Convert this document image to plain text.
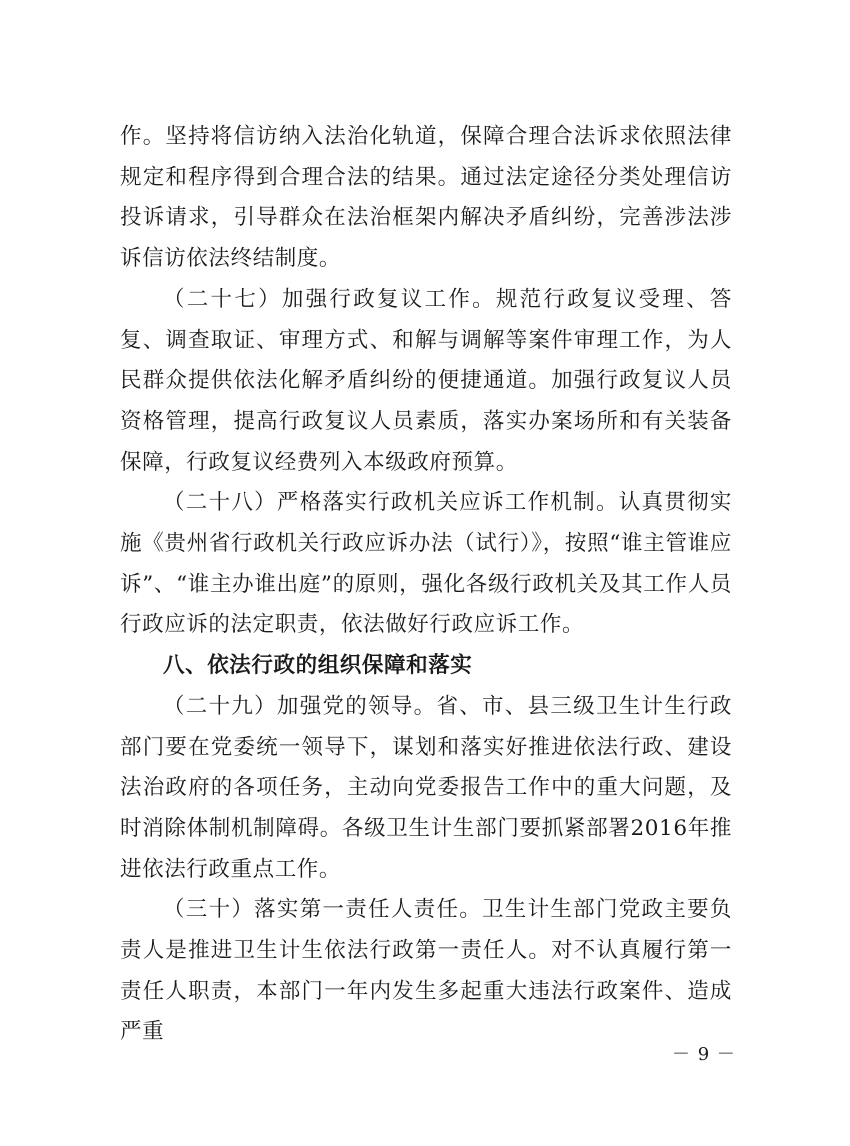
作。坚持将信访纳入法治化轨道，保障合理合法诉求依照法律规定和程序得到合理合法的结果。通过法定途径分类处理信访投诉请求，引导群众在法治框架内解决矛盾纠纷，完善涉法涉诉信访依法终结制度。

（二十七）加强行政复议工作。规范行政复议受理、答复、调查取证、审理方式、和解与调解等案件审理工作，为人民群众提供依法化解矛盾纠纷的便捷通道。加强行政复议人员资格管理，提高行政复议人员素质，落实办案场所和有关装备保障，行政复议经费列入本级政府预算。

（二十八）严格落实行政机关应诉工作机制。认真贯彻实施《贵州省行政机关行政应诉办法（试行）》，按照“谁主管谁应诉”、“谁主办谁出庭”的原则，强化各级行政机关及其工作人员行政应诉的法定职责，依法做好行政应诉工作。

八、依法行政的组织保障和落实

（二十九）加强党的领导。省、市、县三级卫生计生行政部门要在党委统一领导下，谋划和落实好推进依法行政、建设法治政府的各项任务，主动向党委报告工作中的重大问题，及时消除体制机制障碍。各级卫生计生部门要抓紧部署2016年推进依法行政重点工作。

（三十）落实第一责任人责任。卫生计生部门党政主要负责人是推进卫生计生依法行政第一责任人。对不认真履行第一责任人职责，本部门一年内发生多起重大违法行政案件、造成严重

－ 9 －
